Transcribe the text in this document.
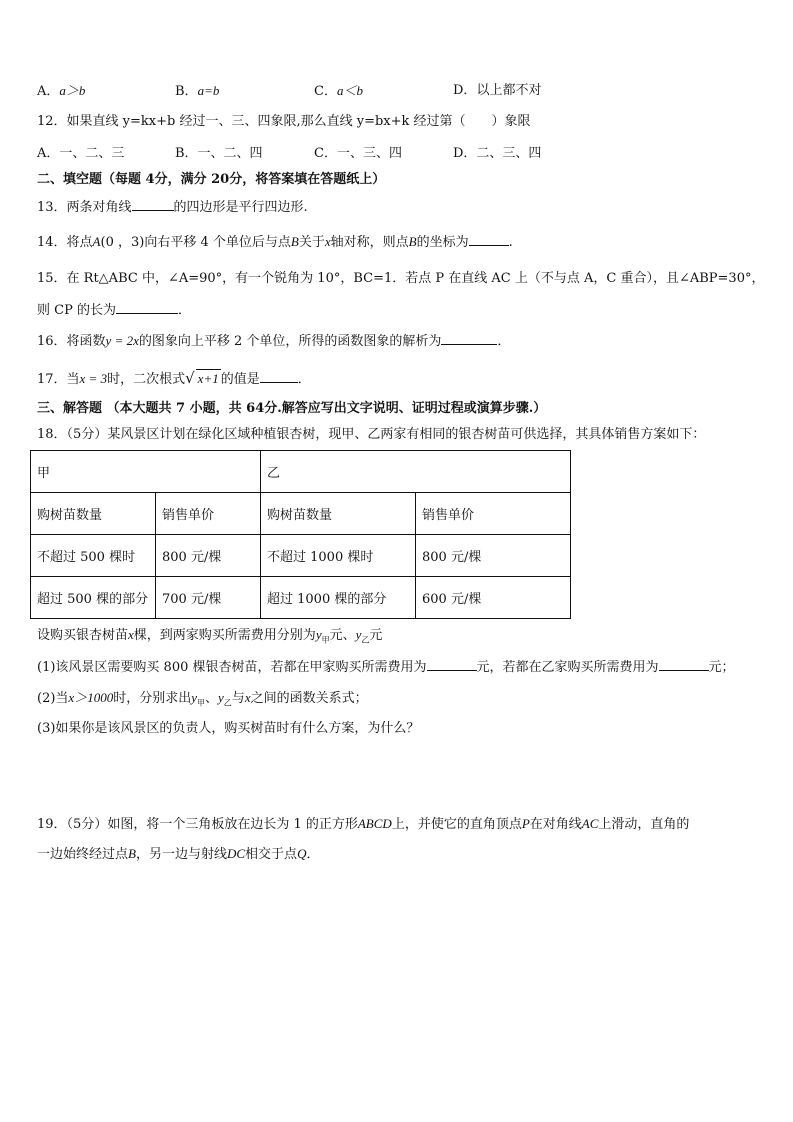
A．a＞b	B．a=b	C．a＜b	D．以上都不对
12．如果直线 y=kx+b 经过一、三、四象限,那么直线 y=bx+k 经过第（　　）象限
A．一、二、三	B．一、二、四	C．一、三、四	D．二、三、四
二、填空题（每题 4分，满分 20分，将答案填在答题纸上）
13．两条对角线	的四边形是平行四边形.
14．将点A(0 ，3)向右平移 4 个单位后与点B关于x轴对称，则点B的坐标为	.
15．在 Rt△ABC 中，∠A=90°，有一个锐角为 10°，BC=1．若点 P 在直线 AC 上（不与点 A，C 重合），且∠ABP=30°，
则 CP 的长为	．
16．将函数y = 2x的图象向上平移 2 个单位，所得的函数图象的解析为	．
17．当x = 3时，二次根式√ x+1 的值是	．
三、解答题 （本大题共 7 小题，共 64分.解答应写出文字说明、证明过程或演算步骤.）
18．（5分）某风景区计划在绿化区域种植银杏树，现甲、乙两家有相同的银杏树苗可供选择，其具体销售方案如下：
甲		乙	
购树苗数量	销售单价	购树苗数量	销售单价
不超过 500 棵时	800 元/棵	不超过 1000 棵时	800 元/棵
超过 500 棵的部分	700 元/棵	超过 1000 棵的部分	600 元/棵
设购买银杏树苗x棵，到两家购买所需费用分别为$y_甲$元、$y_乙$元
(1)该风景区需要购买 800 棵银杏树苗，若都在甲家购买所需费用为	元，若都在乙家购买所需费用为	元；
(2)当x＞1000时，分别求出$y_甲$、$y_乙$与x之间的函数关系式；
(3)如果你是该风景区的负责人，购买树苗时有什么方案，为什么？
19．（5分）如图，将一个三角板放在边长为 1 的正方形ABCD上，并使它的直角顶点P在对角线AC上滑动，直角的
一边始终经过点B，另一边与射线DC相交于点Q．
